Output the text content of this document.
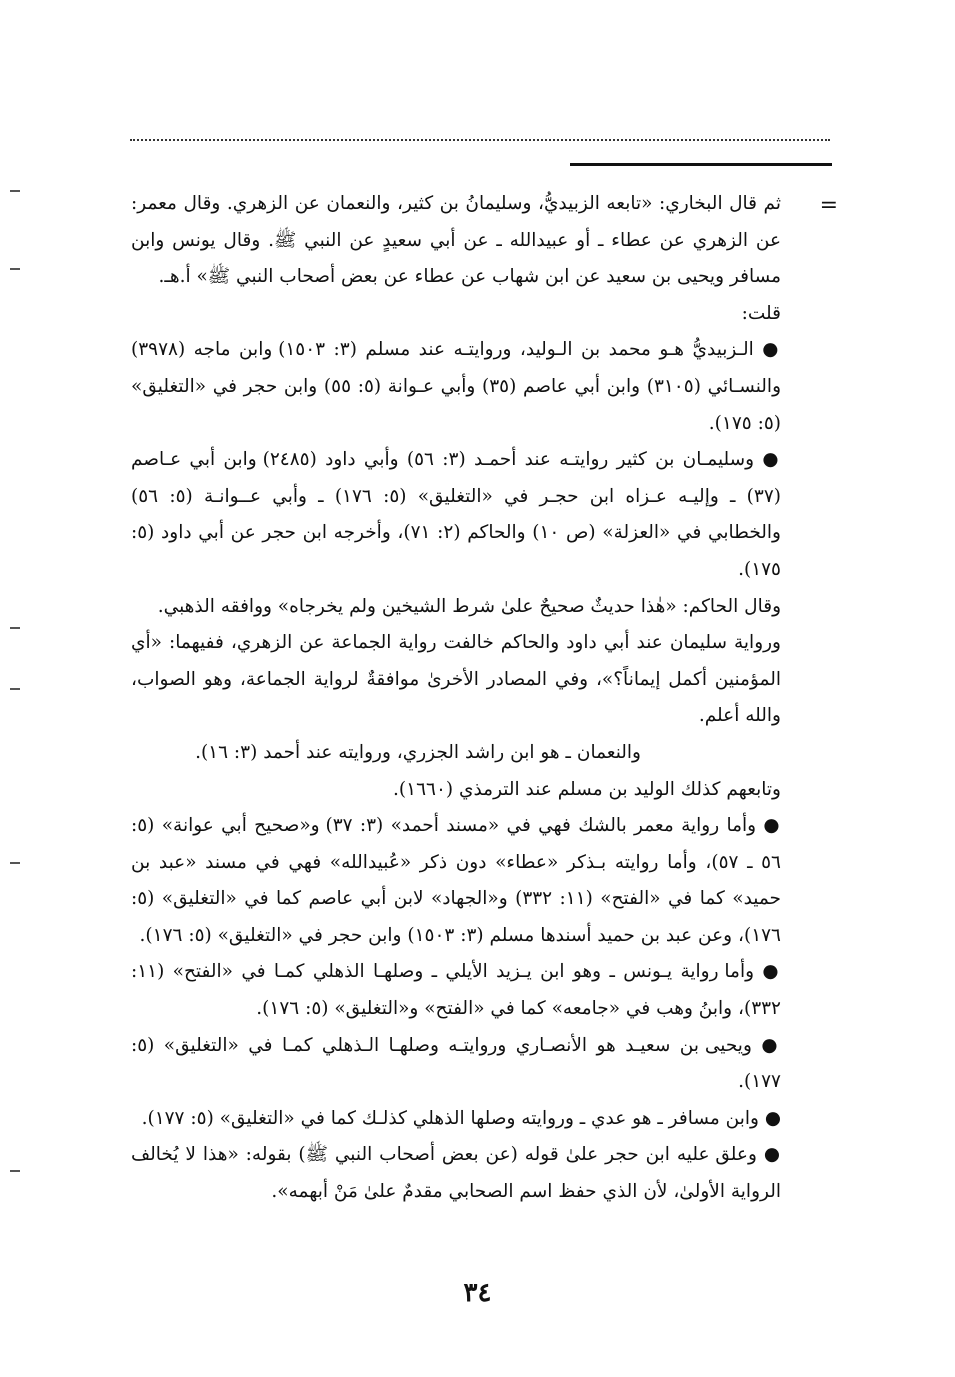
=

ثم قال البخاري: «تابعه الزبيديُّ، وسليمانُ بن كثير، والنعمان عن الزهري. وقال معمر: عن الزهري عن عطاء ـ أو عبيدالله ـ عن أبي سعيدٍ عن النبي ﷺ. وقال يونس وابن مسافر ويحيى بن سعيد عن ابن شهاب عن عطاء عن بعض أصحاب النبي ﷺ» أ.هـ.

قلت:

● الـزبيديُّ هـو محمد بن الـوليد، وروايتـه عند مسلم (٣: ١٥٠٣) وابن ماجه (٣٩٧٨) والنسـائي (٣١٠٥) وابن أبي عاصم (٣٥) وأبي عـوانة (٥: ٥٥) وابن حجر في «التغليق» (٥: ١٧٥).

● وسليمـان بن كثير روايتـه عند أحمـد (٣: ٥٦) وأبي داود (٢٤٨٥) وابن أبي عـاصم (٣٧) ـ وإليـه عـزاه ابن حجـر في «التغليق» (٥: ١٧٦) ـ وأبي عــوانـة (٥: ٥٦) والخطابي في «العزلة» (ص ١٠) والحاكم (٢: ٧١)، وأخرجه ابن حجر عن أبي داود (٥: ١٧٥).

وقال الحاكم: «هٰذا حديثٌ صحيحٌ علىٰ شرط الشيخين ولم يخرجاه» ووافقه الذهبي.

ورواية سليمان عند أبي داود والحاكم خالفت رواية الجماعة عن الزهري، ففيهما: «أي المؤمنين أكمل إيماناً؟»، وفي المصادر الأخرىٰ موافقةٌ لرواية الجماعة، وهو الصواب، والله أعلم.

والنعمان ـ هو ابن راشد الجزري، وروايته عند أحمد (٣: ١٦).

وتابعهم كذلك الوليد بن مسلم عند الترمذي (١٦٦٠).

● وأما رواية معمر بالشك فهي في «مسند أحمد» (٣: ٣٧) و«صحيح أبي عوانة» (٥: ٥٦ ـ ٥٧)، وأما روايته بـذكر «عطاء» دون ذكر «عُبيدالله» فهي في مسند «عبد بن حميد» كما في «الفتح» (١١: ٣٣٢) و«الجهاد» لابن أبي عاصم كما في «التغليق» (٥: ١٧٦)، وعن عبد بن حميد أسندها مسلم (٣: ١٥٠٣) وابن حجر في «التغليق» (٥: ١٧٦).

● وأما رواية يـونس ـ وهو ابن يـزيد الأيلي ـ وصلهـا الذهلي كمـا في «الفتح» (١١: ٣٣٢)، وابنُ وهب في «جامعه» كما في «الفتح» و«التغليق» (٥: ١٧٦).

● ويحيى بن سعيـد هو الأنصـاري وروايتـه وصلهـا الـذهلي كمـا في «التغليق» (٥: ١٧٧).

● وابن مسافر ـ هو عدي ـ وروايته وصلها الذهلي كذلـك كما في «التغليق» (٥: ١٧٧).

● وعلق عليه ابن حجر علىٰ قوله (عن بعض أصحاب النبي ﷺ) بقوله: «هذا لا يُخالف الرواية الأولىٰ، لأن الذي حفظ اسم الصحابي مقدمٌ علىٰ مَنْ أبهمه».

٣٤
